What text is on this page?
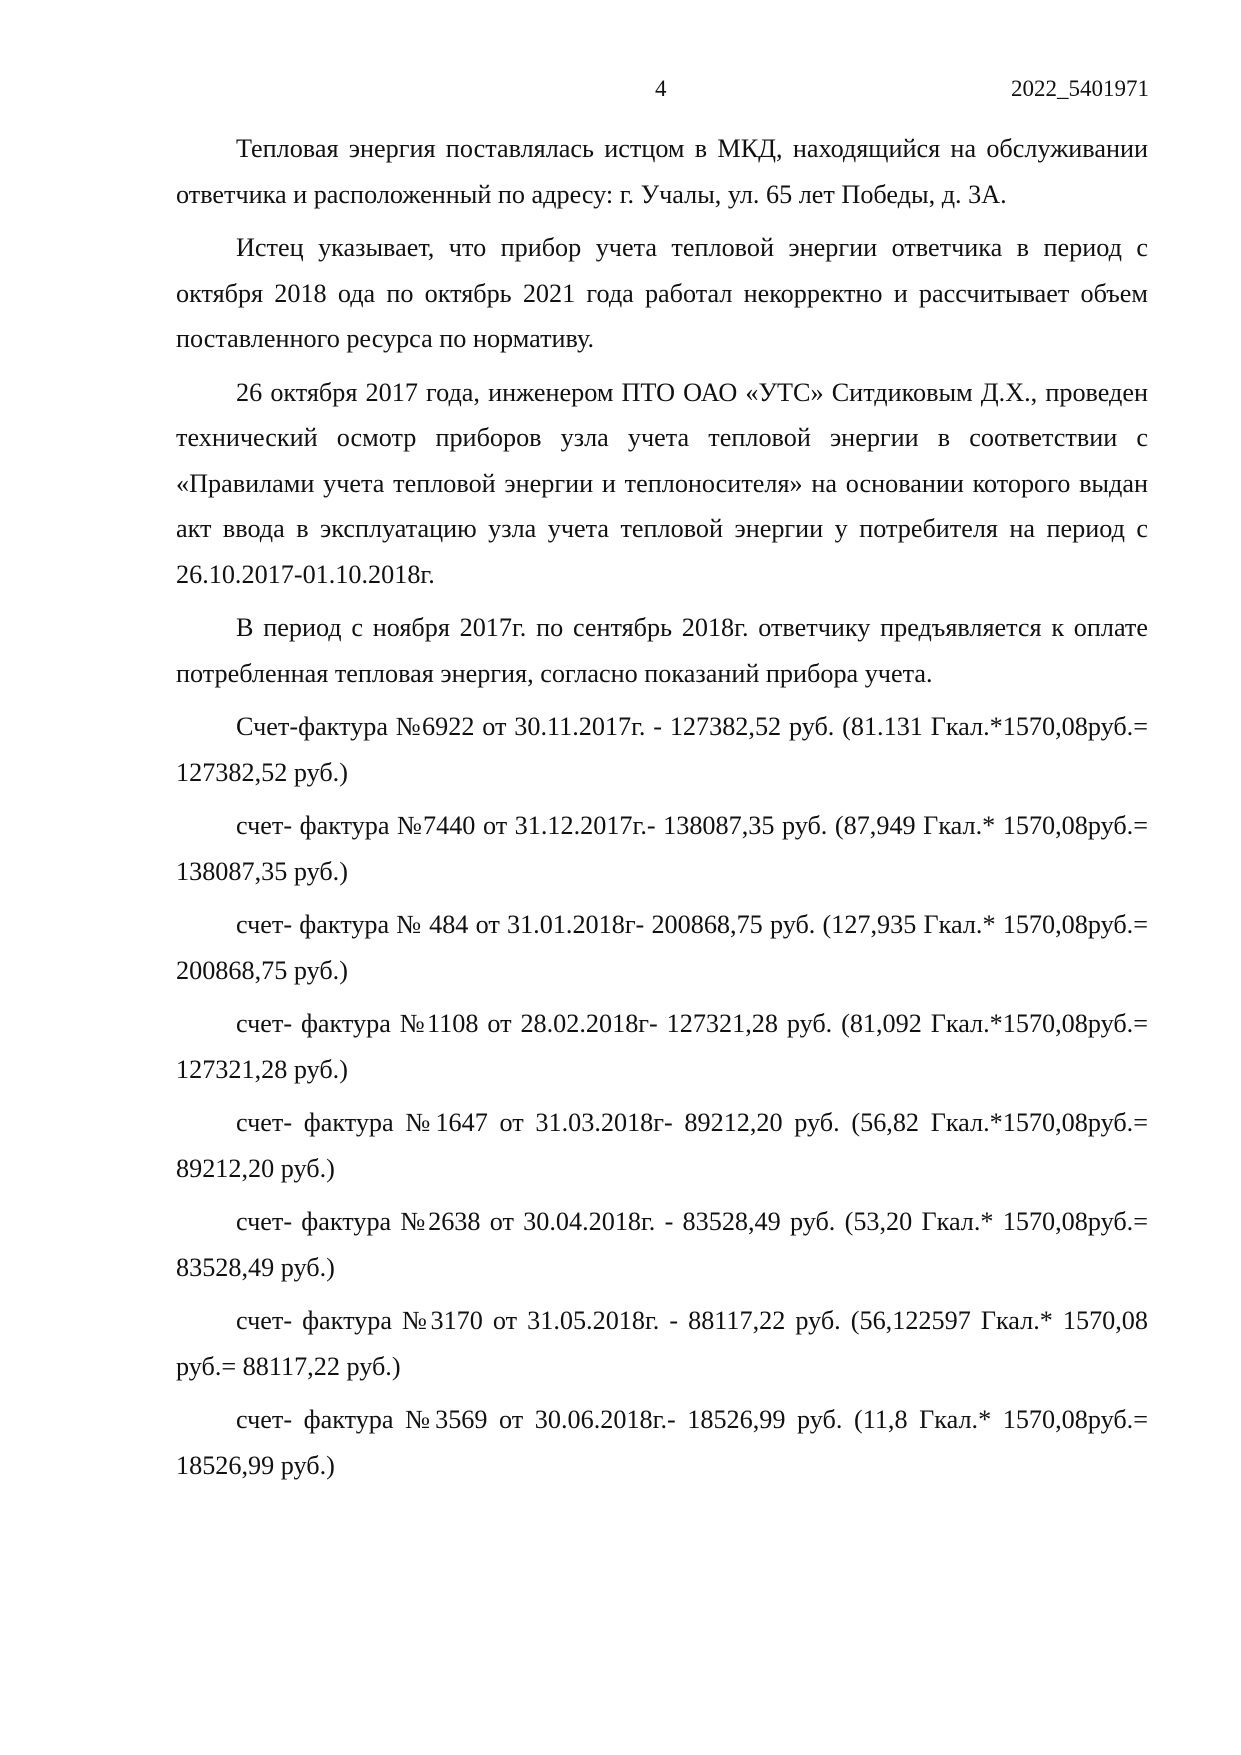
4	2022_5401971

Тепловая энергия поставлялась истцом в МКД, находящийся на обслуживании ответчика и расположенный по адресу: г. Учалы, ул. 65 лет Победы, д. 3А.

Истец указывает, что прибор учета тепловой энергии ответчика в период с октября 2018 ода по октябрь 2021 года работал некорректно и рассчитывает объем поставленного ресурса по нормативу.

26 октября 2017 года, инженером ПТО ОАО «УТС» Ситдиковым Д.Х., проведен технический осмотр приборов узла учета тепловой энергии в соответствии с «Правилами учета тепловой энергии и теплоносителя» на основании которого выдан акт ввода в эксплуатацию узла учета тепловой энергии у потребителя на период с 26.10.2017-01.10.2018г.

В период с ноября 2017г. по сентябрь 2018г. ответчику предъявляется к оплате потребленная тепловая энергия, согласно показаний прибора учета.

Счет-фактура №6922 от 30.11.2017г. - 127382,52 руб. (81.131 Гкал.*1570,08руб.= 127382,52 руб.)

счет- фактура №7440 от 31.12.2017г.- 138087,35 руб. (87,949 Гкал.* 1570,08руб.= 138087,35 руб.)

счет- фактура № 484 от 31.01.2018г- 200868,75 руб. (127,935 Гкал.* 1570,08руб.= 200868,75 руб.)

счет- фактура №1108 от 28.02.2018г- 127321,28 руб. (81,092 Гкал.*1570,08руб.= 127321,28 руб.)

счет- фактура №1647 от 31.03.2018г- 89212,20 руб. (56,82 Гкал.*1570,08руб.= 89212,20 руб.)

счет- фактура №2638 от 30.04.2018г. - 83528,49 руб. (53,20 Гкал.* 1570,08руб.= 83528,49 руб.)

счет- фактура №3170 от 31.05.2018г. - 88117,22 руб. (56,122597 Гкал.* 1570,08 руб.= 88117,22 руб.)

счет- фактура №3569 от 30.06.2018г.- 18526,99 руб. (11,8 Гкал.* 1570,08руб.= 18526,99 руб.)
